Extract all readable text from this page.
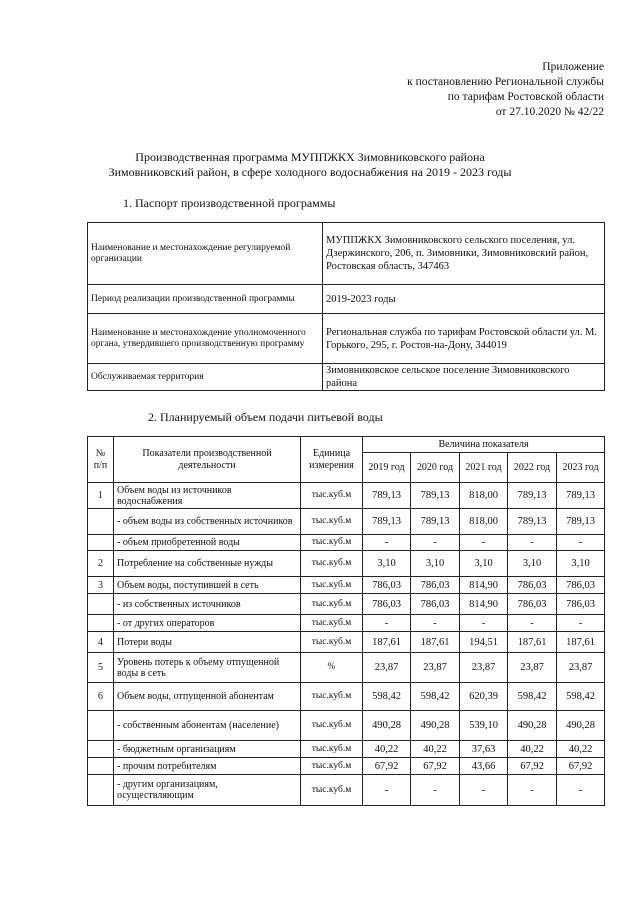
Приложение
к постановлению Региональной службы
по тарифам Ростовской области
от 27.10.2020 № 42/22
Производственная программа МУППЖКХ Зимовниковского района
Зимовниковский район, в сфере холодного водоснабжения на 2019 - 2023 годы
1. Паспорт производственной программы
Наименование и местонахождение регулируемой организации	МУППЖКХ Зимовниковского сельского поселения, ул. Дзержинского, 206, п. Зимовники, Зимовниковский район, Ростовская область, 347463
Период реализации производственной программы	2019-2023 годы
Наименование и местонахождение уполномоченного органа, утвердившего производственную программу	Региональная служба по тарифам Ростовской области ул. М. Горького, 295, г. Ростов-на-Дону, 344019
Обслуживаемая территория	Зимовниковское сельское поселение Зимовниковского района
2. Планируемый объем подачи питьевой воды
№ п/п	Показатели производственной деятельности	Единица измерения	Величина показателя				
			2019 год	2020 год	2021 год	2022 год	2023 год
1	Объем воды из источников водоснабжения	тыс.куб.м	789,13	789,13	818,00	789,13	789,13
	- объем воды из собственных источников	тыс.куб.м	789,13	789,13	818,00	789,13	789,13
	- объем приобретенной воды	тыс.куб.м	-	-	-	-	-
2	Потребление на собственные нужды	тыс.куб.м	3,10	3,10	3,10	3,10	3,10
3	Объем воды, поступившей в сеть	тыс.куб.м	786,03	786,03	814,90	786,03	786,03
	- из собственных источников	тыс.куб.м	786,03	786,03	814,90	786,03	786,03
	- от других операторов	тыс.куб.м	-	-	-	-	-
4	Потери воды	тыс.куб.м	187,61	187,61	194,51	187,61	187,61
5	Уровень потерь к объему отпущенной воды в сеть	%	23,87	23,87	23,87	23,87	23,87
6	Объем воды, отпущенной абонентам	тыс.куб.м	598,42	598,42	620,39	598,42	598,42
	- собственным абонентам (население)	тыс.куб.м	490,28	490,28	539,10	490,28	490,28
	- бюджетным организациям	тыс.куб.м	40,22	40,22	37,63	40,22	40,22
	- прочим потребителям	тыс.куб.м	67,92	67,92	43,66	67,92	67,92
	- другим организациям, осуществляющим	тыс.куб.м	-	-	-	-	-
